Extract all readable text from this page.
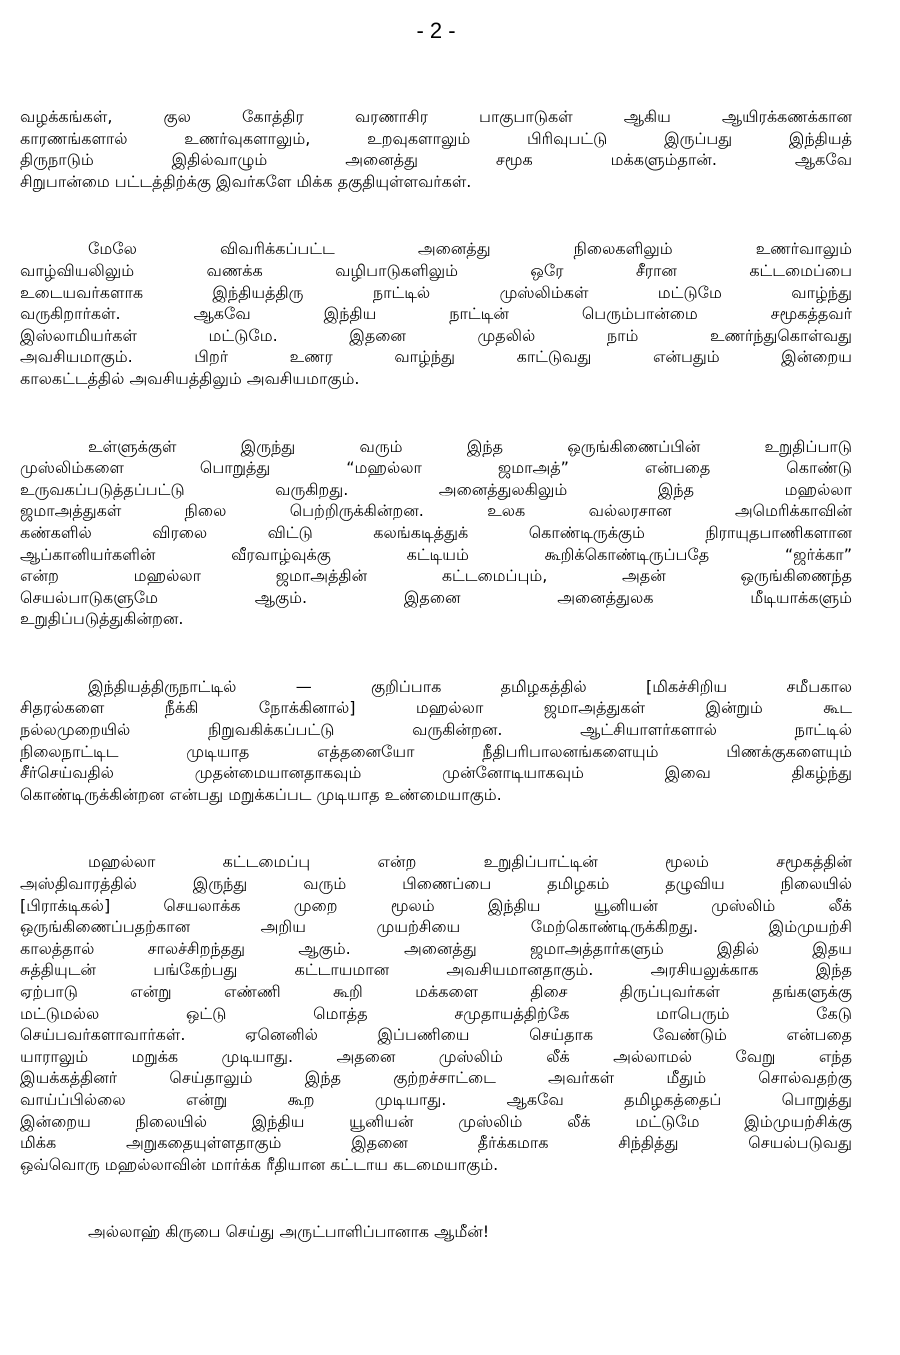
- 2 -
வழக்கங்கள், குல கோத்திர வரணாசிர பாகுபாடுகள் ஆகிய ஆயிரக்கணக்கான
காரணங்களால் உணர்வுகளாலும், உறவுகளாலும் பிரிவுபட்டு இருப்பது இந்தியத்
திருநாடும் இதில்வாழும் அனைத்து சமூக மக்களும்தான். ஆகவே
சிறுபான்மை பட்டத்திற்க்கு இவர்களே மிக்க தகுதியுள்ளவர்கள்.
மேலே விவரிக்கப்பட்ட அனைத்து நிலைகளிலும் உணர்வாலும்
வாழ்வியலிலும் வணக்க வழிபாடுகளிலும் ஒரே சீரான கட்டமைப்பை
உடையவர்களாக இந்தியத்திரு நாட்டில் முஸ்லிம்கள் மட்டுமே வாழ்ந்து
வருகிறார்கள். ஆகவே இந்திய நாட்டின் பெரும்பான்மை சமூகத்தவர்
இஸ்லாமியர்கள் மட்டுமே. இதனை முதலில் நாம் உணர்ந்துகொள்வது
அவசியமாகும். பிறர் உணர வாழ்ந்து காட்டுவது என்பதும் இன்றைய
காலகட்டத்தில் அவசியத்திலும் அவசியமாகும்.
உள்ளுக்குள் இருந்து வரும் இந்த ஒருங்கிணைப்பின் உறுதிப்பாடு
முஸ்லிம்களை பொறுத்து “மஹல்லா ஜமாஅத்” என்பதை கொண்டு
உருவகப்படுத்தப்பட்டு வருகிறது. அனைத்துலகிலும் இந்த மஹல்லா
ஜமாஅத்துகள் நிலை பெற்றிருக்கின்றன. உலக வல்லரசான அமெரிக்காவின்
கண்களில் விரலை விட்டு கலங்கடித்துக் கொண்டிருக்கும் நிராயுதபாணிகளான
ஆப்கானியர்களின் வீரவாழ்வுக்கு கட்டியம் கூறிக்கொண்டிருப்பதே “ஜர்க்கா”
என்ற மஹல்லா ஜமாஅத்தின் கட்டமைப்பும், அதன் ஒருங்கிணைந்த
செயல்பாடுகளுமே ஆகும். இதனை அனைத்துலக மீடியாக்களும்
உறுதிப்படுத்துகின்றன.
இந்தியத்திருநாட்டில் — குறிப்பாக தமிழகத்தில் [மிகச்சிறிய சமீபகால
சிதரல்களை நீக்கி நோக்கினால்] மஹல்லா ஜமாஅத்துகள் இன்றும் கூட
நல்லமுறையில் நிறுவகிக்கப்பட்டு வருகின்றன. ஆட்சியாளர்களால் நாட்டில்
நிலைநாட்டிட முடியாத எத்தனையோ நீதிபரிபாலனங்களையும் பிணக்குகளையும்
சீர்செய்வதில் முதன்மையானதாகவும் முன்னோடியாகவும் இவை திகழ்ந்து
கொண்டிருக்கின்றன என்பது மறுக்கப்பட முடியாத உண்மையாகும்.
மஹல்லா கட்டமைப்பு என்ற உறுதிப்பாட்டின் மூலம் சமூகத்தின்
அஸ்திவாரத்தில் இருந்து வரும் பிணைப்பை தமிழகம் தழுவிய நிலையில்
[பிராக்டிகல்] செயலாக்க முறை மூலம் இந்திய யூனியன் முஸ்லிம் லீக்
ஒருங்கிணைப்பதற்கான அறிய முயற்சியை மேற்கொண்டிருக்கிறது. இம்முயற்சி
காலத்தால் சாலச்சிறந்தது ஆகும். அனைத்து ஜமாஅத்தார்களும் இதில் இதய
சுத்தியுடன் பங்கேற்பது கட்டாயமான அவசியமானதாகும். அரசியலுக்காக இந்த
ஏற்பாடு என்று எண்ணி கூறி மக்களை திசை திருப்புவர்கள் தங்களுக்கு
மட்டுமல்ல ஒட்டு மொத்த சமுதாயத்திற்கே மாபெரும் கேடு
செய்பவர்களாவார்கள். ஏனெனில் இப்பணியை செய்தாக வேண்டும் என்பதை
யாராலும் மறுக்க முடியாது. அதனை முஸ்லிம் லீக் அல்லாமல் வேறு எந்த
இயக்கத்தினர் செய்தாலும் இந்த குற்றச்சாட்டை அவர்கள் மீதும் சொல்வதற்கு
வாய்ப்பில்லை என்று கூற முடியாது. ஆகவே தமிழகத்தைப் பொறுத்து
இன்றைய நிலையில் இந்திய யூனியன் முஸ்லிம் லீக் மட்டுமே இம்முயற்சிக்கு
மிக்க அறுகதையுள்ளதாகும் இதனை தீர்க்கமாக சிந்தித்து செயல்படுவது
ஒவ்வொரு மஹல்லாவின் மார்க்க ரீதியான கட்டாய கடமையாகும்.
அல்லாஹ் கிருபை செய்து அருட்பாளிப்பானாக ஆமீன்!
